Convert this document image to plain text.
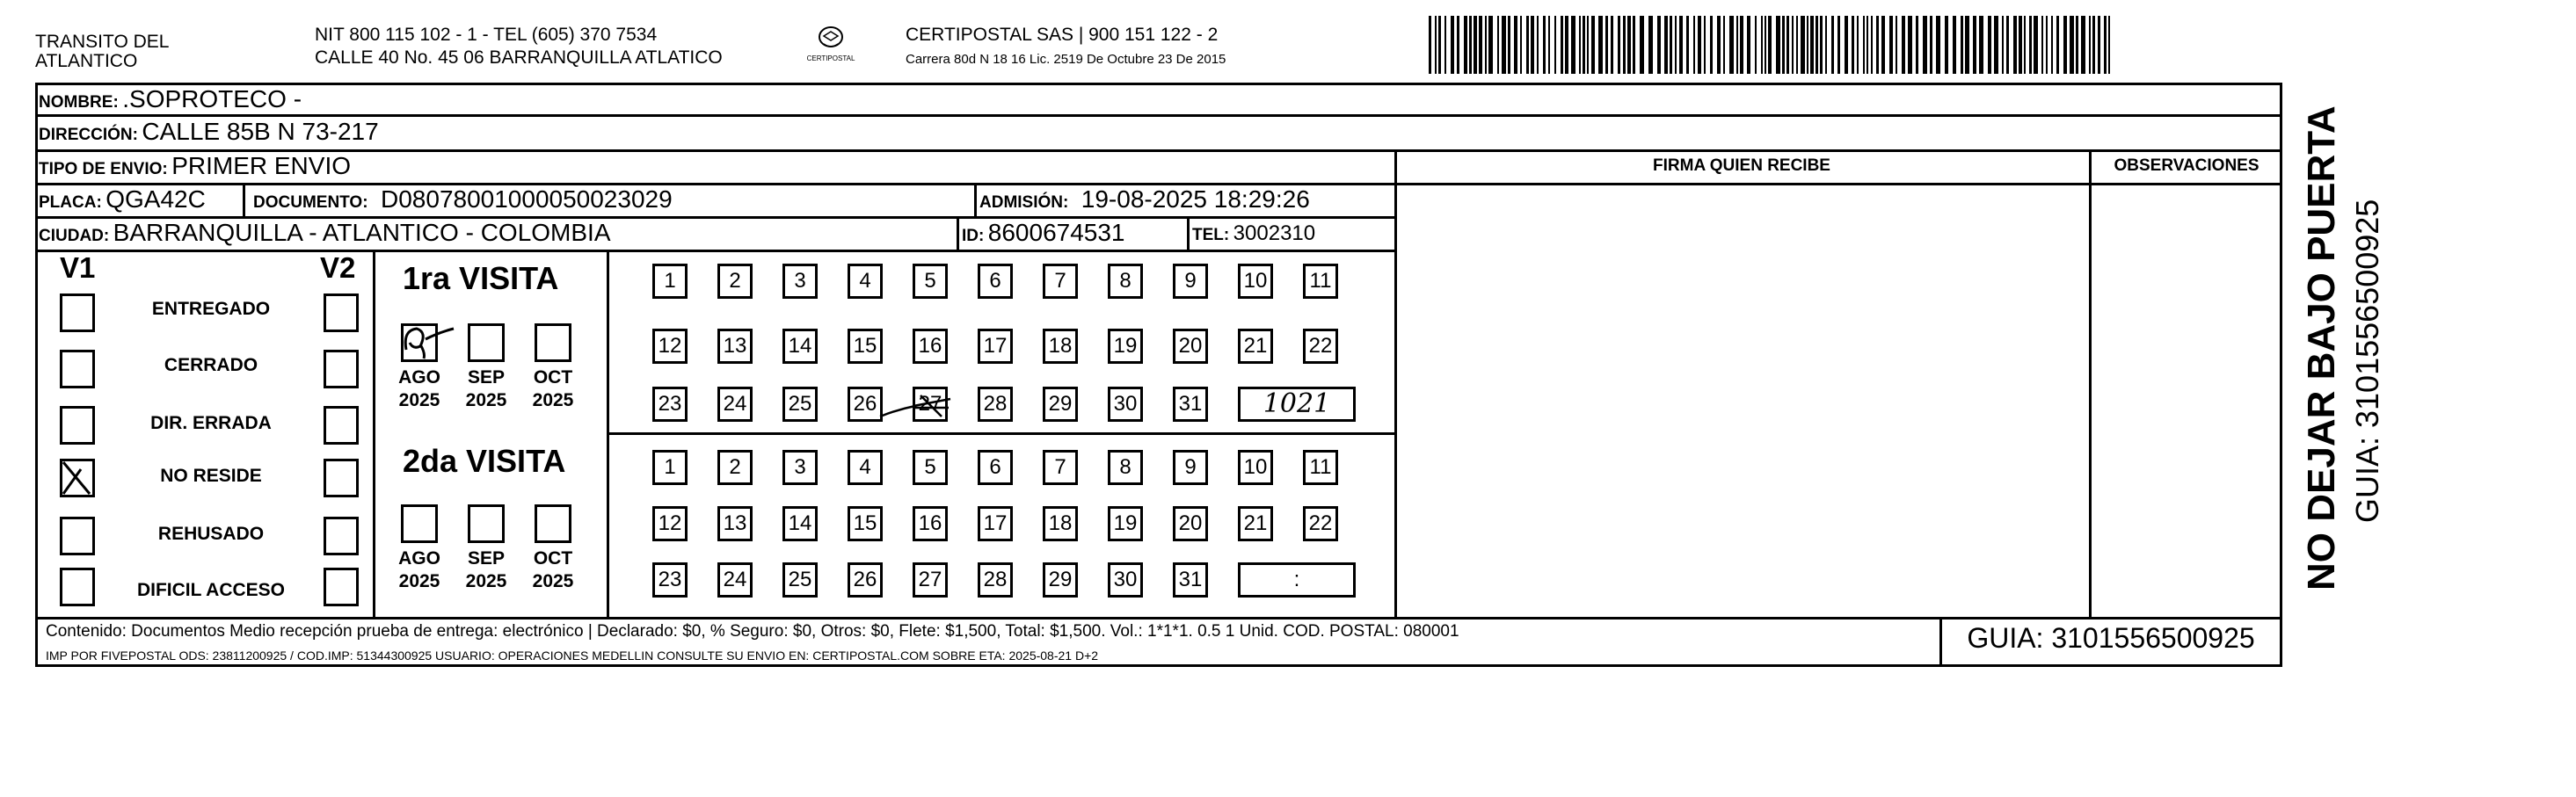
TRANSITO DEL
ATLANTICO
NIT 800 115 102 - 1 - TEL (605) 370 7534
CALLE 40 No. 45 06 BARRANQUILLA ATLATICO	CERTIPOSTAL
CERTIPOSTAL SAS | 900 151 122 - 2
Carrera 80d N 18 16 Lic. 2519 De Octubre 23 De 2015
NOMBRE: .SOPROTECO -
DIRECCIÓN: CALLE 85B N 73-217
TIPO DE ENVIO: PRIMER ENVIO
PLACA: QGA42C	DOCUMENTO: D08078001000050023029	ADMISIÓN: 19-08-2025 18:29:26
CIUDAD: BARRANQUILLA - ATLANTICO - COLOMBIA	ID: 8600674531	TEL: 3002310
FIRMA QUIEN RECIBE	OBSERVACIONES
V1	V2
ENTREGADO
CERRADO
DIR. ERRADA
NO RESIDE
REHUSADO
DIFICIL ACCESO
1ra VISITA
2da VISITA
AGO
2025
SEP
2025
OCT
2025
AGO
2025
SEP
2025
OCT
2025
1	2	3	4	5	6	7	8	9	10	11
12 13 14 15 16 17 18 19 20 21 22
23 24 25 26 27 28 29 30 31	1021
1	2	3	4	5	6	7	8	9	10	11
12 13 14 15 16 17 18 19 20 21 22
23 24 25 26 27 28 29 30 31	:
Contenido: Documentos Medio recepción prueba de entrega: electrónico | Declarado: $0, % Seguro: $0, Otros: $0, Flete: $1,500, Total: $1,500. Vol.: 1*1*1. 0.5 1 Unid. COD. POSTAL: 080001
IMP POR FIVEPOSTAL ODS: 23811200925 / COD.IMP: 51344300925 USUARIO: OPERACIONES MEDELLIN CONSULTE SU ENVIO EN: CERTIPOSTAL.COM SOBRE ETA: 2025-08-21 D+2
GUIA: 3101556500925
NO DEJAR BAJO PUERTA GUIA: 3101556500925
